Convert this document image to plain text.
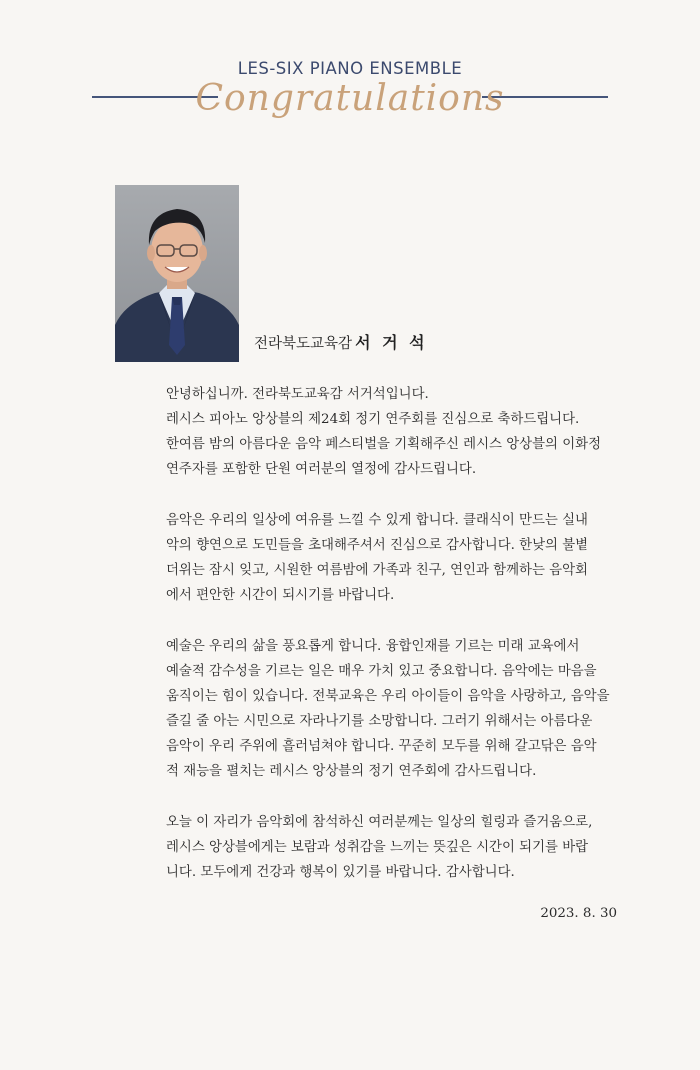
LES-SIX PIANO ENSEMBLE
Congratulations
전라북도교육감 서 거 석
안녕하십니까. 전라북도교육감 서거석입니다.
레시스 피아노 앙상블의 제24회 정기 연주회를 진심으로 축하드립니다.
한여름 밤의 아름다운 음악 페스티벌을 기획해주신 레시스 앙상블의 이화정
연주자를 포함한 단원 여러분의 열정에 감사드립니다.
음악은 우리의 일상에 여유를 느낄 수 있게 합니다. 클래식이 만드는 실내
악의 향연으로 도민들을 초대해주셔서 진심으로 감사합니다. 한낮의 불볕
더위는 잠시 잊고, 시원한 여름밤에 가족과 친구, 연인과 함께하는 음악회
에서 편안한 시간이 되시기를 바랍니다.
예술은 우리의 삶을 풍요롭게 합니다. 융합인재를 기르는 미래 교육에서
예술적 감수성을 기르는 일은 매우 가치 있고 중요합니다. 음악에는 마음을
움직이는 힘이 있습니다. 전북교육은 우리 아이들이 음악을 사랑하고, 음악을
즐길 줄 아는 시민으로 자라나기를 소망합니다. 그러기 위해서는 아름다운
음악이 우리 주위에 흘러넘쳐야 합니다. 꾸준히 모두를 위해 갈고닦은 음악
적 재능을 펼치는 레시스 앙상블의 정기 연주회에 감사드립니다.
오늘 이 자리가 음악회에 참석하신 여러분께는 일상의 힐링과 즐거움으로,
레시스 앙상블에게는 보람과 성취감을 느끼는 뜻깊은 시간이 되기를 바랍
니다. 모두에게 건강과 행복이 있기를 바랍니다. 감사합니다.
2023. 8. 30
